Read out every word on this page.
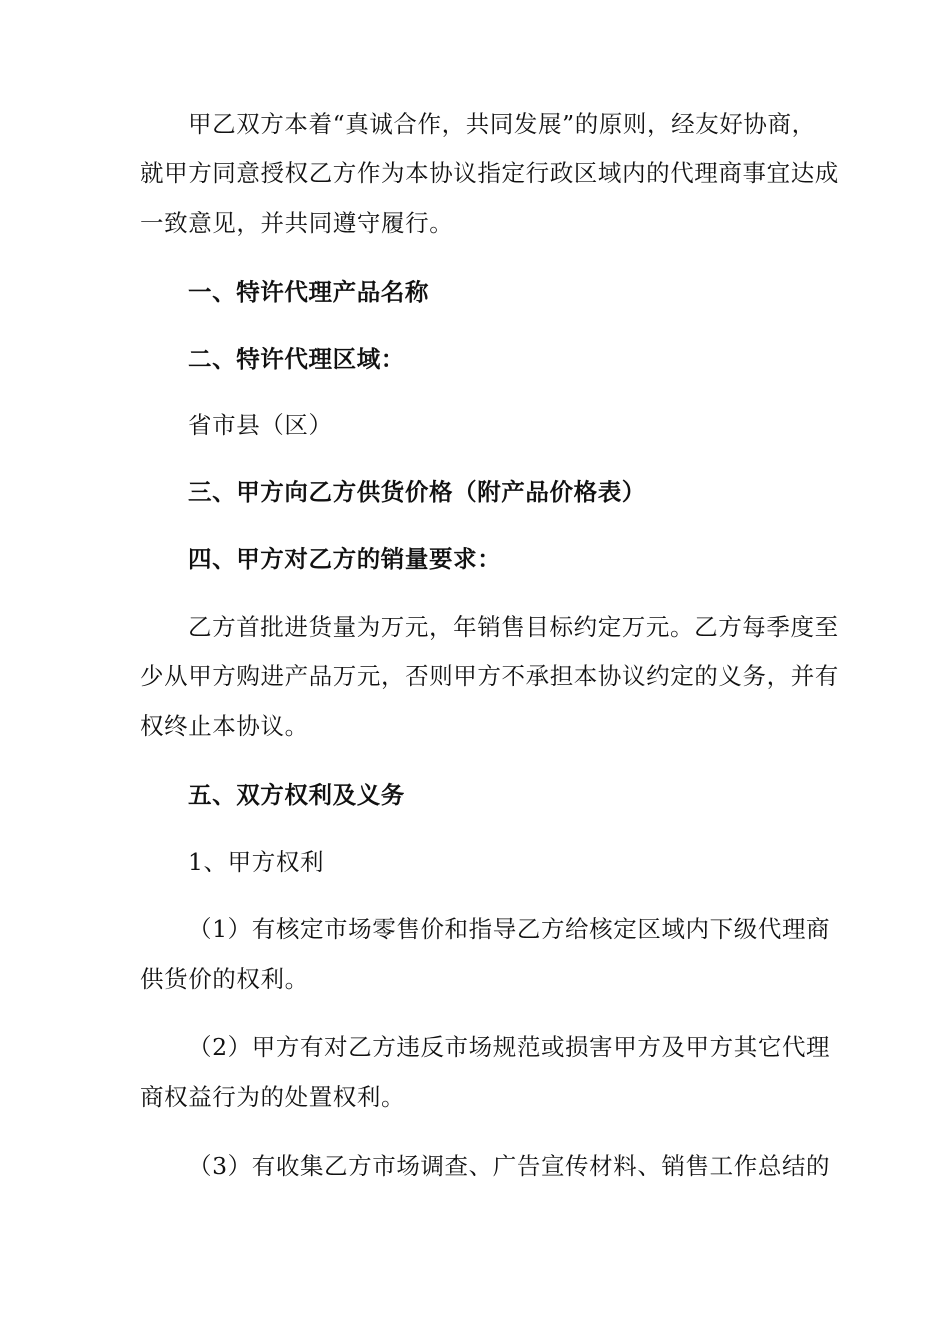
甲乙双方本着“真诚合作，共同发展”的原则，经友好协商，
就甲方同意授权乙方作为本协议指定行政区域内的代理商事宜达成
一致意见，并共同遵守履行。
一、特许代理产品名称
二、特许代理区域：
省市县（区）
三、甲方向乙方供货价格（附产品价格表）
四、甲方对乙方的销量要求：
乙方首批进货量为万元，年销售目标约定万元。乙方每季度至
少从甲方购进产品万元，否则甲方不承担本协议约定的义务，并有
权终止本协议。
五、双方权利及义务
1、甲方权利
（1）有核定市场零售价和指导乙方给核定区域内下级代理商
供货价的权利。
（2）甲方有对乙方违反市场规范或损害甲方及甲方其它代理
商权益行为的处置权利。
（3）有收集乙方市场调查、广告宣传材料、销售工作总结的
